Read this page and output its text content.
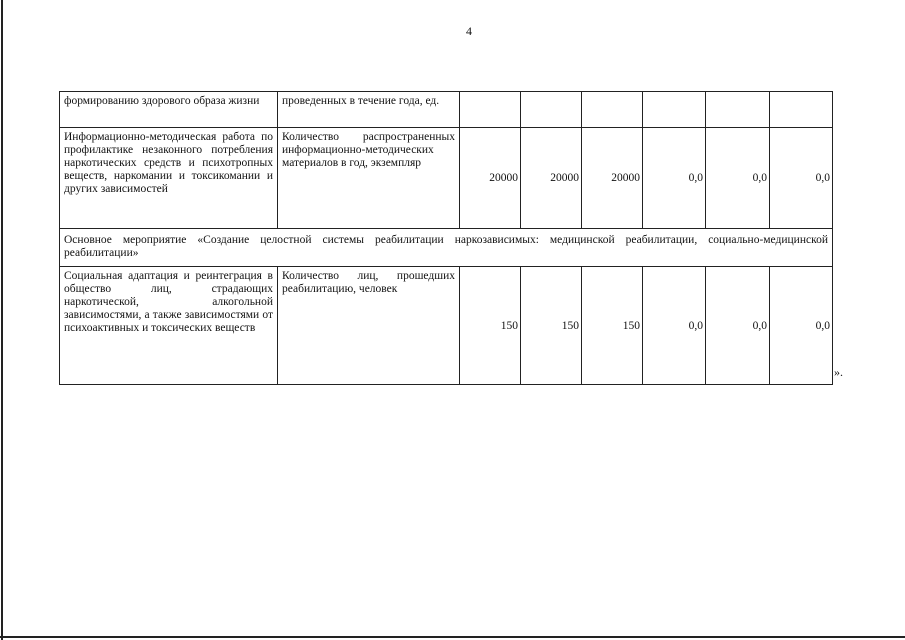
4
формированию здорового образа жизни	проведенных в течение года, ед.						
Информационно-методическая работа по профилактике незаконного потребления наркотических средств и психотропных веществ, наркомании и токсикомании и других зависимостей	Количество распространенных информационно-методических материалов в год, экземпляр	20000	20000	20000	0,0	0,0	0,0
Основное мероприятие «Создание целостной системы реабилитации наркозависимых: медицинской реабилитации, социально-медицинской реабилитации»							
Социальная адаптация и реинтеграция в общество лиц, страдающих наркотической, алкогольной зависимостями, а также зависимостями от психоактивных и токсических веществ	Количество лиц, прошедших реабилитацию, человек	150	150	150	0,0	0,0	0,0
».
